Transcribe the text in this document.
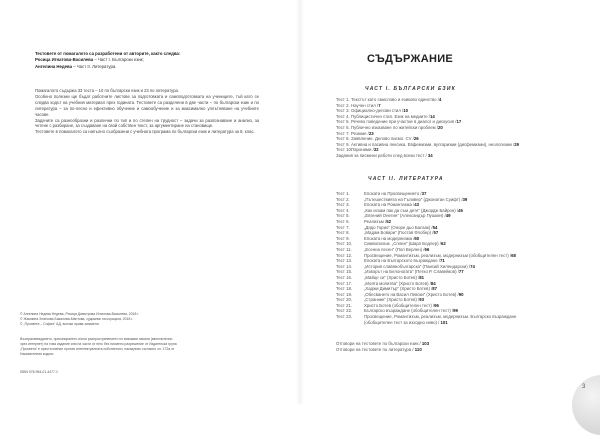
Тестовете от помагалото са разработени от авторите, както следва:
Росица Игнатова-Василева – Част I. Български език;
Ангелина Недева – Част II. Литература.

Помагалото съдържа 33 теста – 10 по български език и 23 по литература.

Особено полезни ще бъдат работните листове за подготовката и самоподготовката на учениците, тъй като се следва ходът на учебния материал през годината. Тестовете са разделени в две части – по български език и по литература – за по-лесно и ефективно обучение и самообучение и за максимално уплътняване на учебните часове.

Задачите са разнообразни и различни по тип и по степен на трудност – задачи за разпознаване и анализ, за четене с разбиране, за създаване на свой собствен текст, за аргументиране на становище.

Тестовете в помагалото са напълно съобразени с учебната програма по български език и литература за 8. клас.

© Ангелина Недева Недева, Росица Димитрова Игнатова-Василева, 2018 г.

© Жасмина Златкова Бакалова-Мантова, художник на корицата, 2018 г.

© „Просвета – София“ АД, всички права запазени.

Възпроизвеждането, прекопирането и/или разпространението по всякакви начини (включително чрез интернет) на това издание или на части от него без писмено разрешение от Издателска група „Просвета“ е престъпление против интелектуалната собственост, наказуемо съгласно чл. 172а от Наказателния кодекс.
ISBN 978-954-01-4477-1
СЪДЪРЖАНИЕ
ЧАСТ I. БЪЛГАРСКИ ЕЗИК
Тест 1. Текстът като смислово и езиково единство / 4
Тест 2. Научен стил / 7
Тест 3. Официално-делови стил / 10
Тест 4. Публицистичен стил. Език на медиите / 14
Тест 5. Речево поведение при участие в диалог и дискусия / 17
Тест 6. Публично изказване по житейски проблем / 20
Тест 7. Резюме / 23
Тест 8. Заявление. Делово писмо. CV / 26
Тест 9. Активна и пасивна лексика. Евфемизми, вулгаризми (дисфемизми), неологизми / 29
Тест 10.
Пароними / 32
Задания за писмени работи след всеки тест / 34
ЧАСТ II. ЛИТЕРАТУРА
Тест 1.	Епохата на Просвещението / 37
Тест 2.	„Пътешествията на Гъливер“ (Джонатан Суифт) / 39
Тест 3.	Епохата на Романтизма / 43
Тест 4.	„Как искам пак да съм дете“ (Джордж Байрон) / 45
Тест 5.	„Евгений Онегин“ (Александър Пушкин) / 49
Тест 6.	Реализъм / 52
Тест 7.	„Дядо Горио“ (Оноре дьо Балзак) / 54
Тест 8.	„Мадам Бовари“ (Гюстав Флобер) / 57
Тест 9.	Епохата на модернизма / 60
Тест 10.	Символизъм. „Сплин“ (Шарл Бодлер) / 62
Тест 11.	„Есенна песен“ (Пол Верлен) / 66
Тест 12.	Просвещение, Романтизъм, реализъм, модернизъм (обобщителен тест) / 68
Тест 13.	Епохата на Българското възраждане / 71
Тест 14.	„История славянобългарска“ (Паисий Хилендарски) / 74
Тест 15.	„Изворът на Белоногата“ (Петко Р. Славейков) / 77
Тест 16.	„Майце си“ (Христо Ботев) / 81
Тест 17.	„Моята молитва“ (Христо Ботев) / 84
Тест 18.	„Хаджи Димитър“ (Христо Ботев) / 87
Тест 19.	„Обесването на Васил Левски“ (Христо Ботев) / 90
Тест 20.	„Странник“ (Христо Ботев) / 93
Тест 21.	Христо Ботев (обобщителен тест) / 96
Тест 22.	Българско възраждане (обобщителен тест) / 99
Тест 23.	Просвещение, Романтизъм, реализъм, модернизъм. Българско възраждане
(обобщителен тест за изходно ниво) / 101
Отговори на тестовете по български език / 103
Отговори на тестовете по литература / 110
3
